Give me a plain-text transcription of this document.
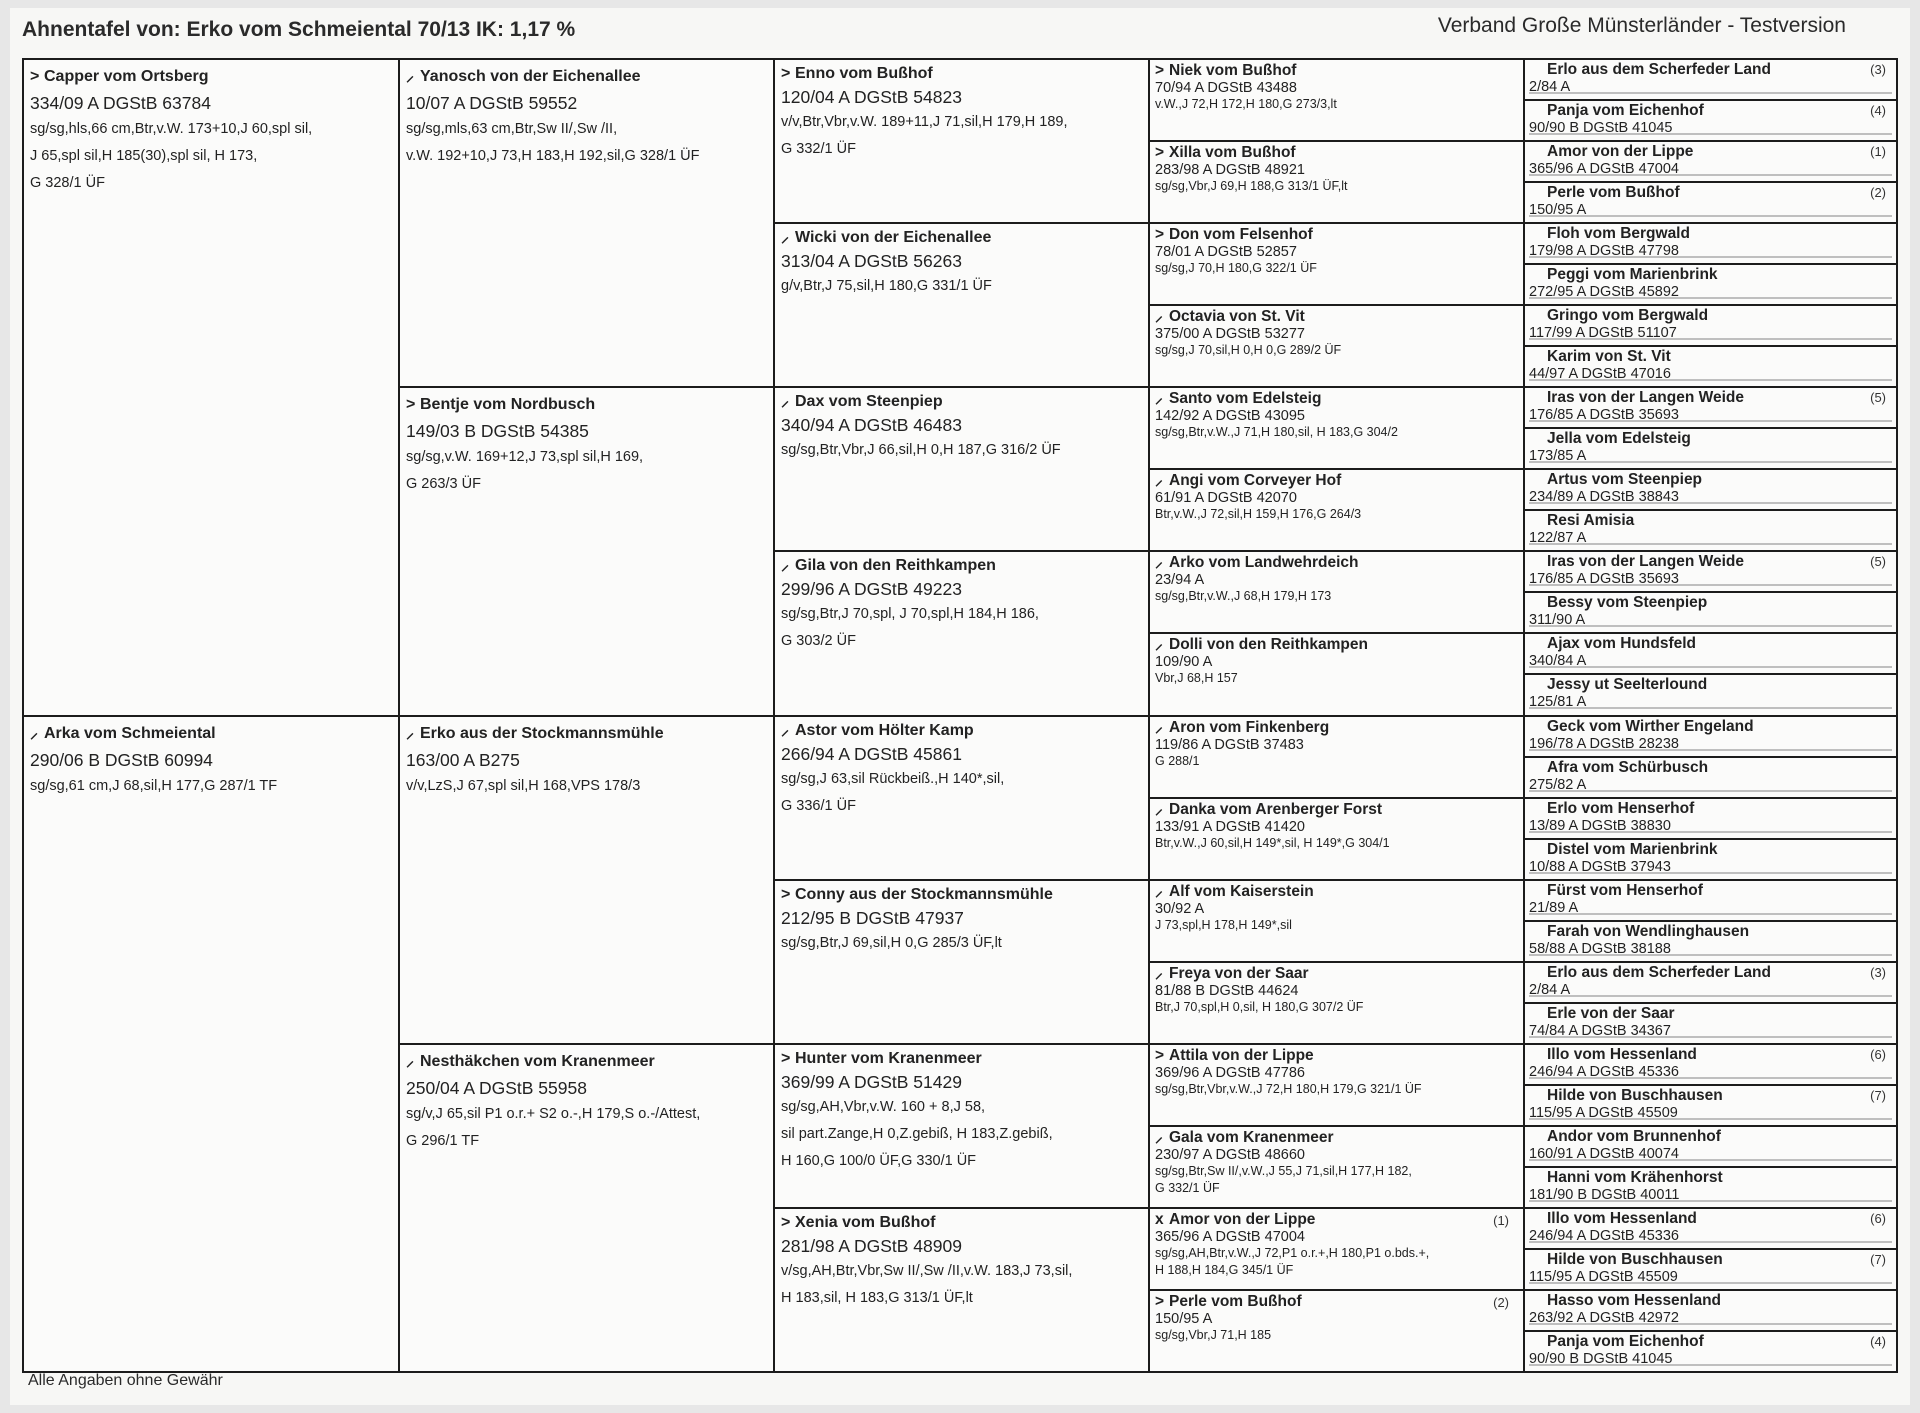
Ahnentafel von: Erko vom Schmeiental 70/13 IK: 1,17 %	Verband Große Münsterländer - Testversion
> Capper vom Ortsberg
334/09 A DGStB 63784
sg/sg,hls,66 cm,Btr,v.W. 173+10,J 60,spl sil,
J 65,spl sil,H 185(30),spl sil, H 173,
G 328/1 ÜF
⸝ Arka vom Schmeiental
290/06 B DGStB 60994
sg/sg,61 cm,J 68,sil,H 177,G 287/1 TF
⸝ Yanosch von der Eichenallee
10/07 A DGStB 59552
sg/sg,mls,63 cm,Btr,Sw II/,Sw /II,
v.W. 192+10,J 73,H 183,H 192,sil,G 328/1 ÜF
> Bentje vom Nordbusch
149/03 B DGStB 54385
sg/sg,v.W. 169+12,J 73,spl sil,H 169,
G 263/3 ÜF
⸝ Erko aus der Stockmannsmühle
163/00 A B275
v/v,LzS,J 67,spl sil,H 168,VPS 178/3
⸝ Nesthäkchen vom Kranenmeer
250/04 A DGStB 55958
sg/v,J 65,sil P1 o.r.+ S2 o.-,H 179,S o.-/Attest,
G 296/1 TF
> Enno vom Bußhof
120/04 A DGStB 54823
v/v,Btr,Vbr,v.W. 189+11,J 71,sil,H 179,H 189,
G 332/1 ÜF
⸝ Wicki von der Eichenallee
313/04 A DGStB 56263
g/v,Btr,J 75,sil,H 180,G 331/1 ÜF
⸝ Dax vom Steenpiep
340/94 A DGStB 46483
sg/sg,Btr,Vbr,J 66,sil,H 0,H 187,G 316/2 ÜF
⸝ Gila von den Reithkampen
299/96 A DGStB 49223
sg/sg,Btr,J 70,spl, J 70,spl,H 184,H 186,
G 303/2 ÜF
⸝ Astor vom Hölter Kamp
266/94 A DGStB 45861
sg/sg,J 63,sil Rückbeiß.,H 140*,sil,
G 336/1 ÜF
> Conny aus der Stockmannsmühle
212/95 B DGStB 47937
sg/sg,Btr,J 69,sil,H 0,G 285/3 ÜF,lt
> Hunter vom Kranenmeer
369/99 A DGStB 51429
sg/sg,AH,Vbr,v.W. 160 + 8,J 58,
sil part.Zange,H 0,Z.gebiß, H 183,Z.gebiß,
H 160,G 100/0 ÜF,G 330/1 ÜF
> Xenia vom Bußhof
281/98 A DGStB 48909
v/sg,AH,Btr,Vbr,Sw II/,Sw /II,v.W. 183,J 73,sil,
H 183,sil, H 183,G 313/1 ÜF,lt
> Niek vom Bußhof
70/94 A DGStB 43488
v.W.,J 72,H 172,H 180,G 273/3,lt
> Xilla vom Bußhof
283/98 A DGStB 48921
sg/sg,Vbr,J 69,H 188,G 313/1 ÜF,lt
> Don vom Felsenhof
78/01 A DGStB 52857
sg/sg,J 70,H 180,G 322/1 ÜF
⸝ Octavia von St. Vit
375/00 A DGStB 53277
sg/sg,J 70,sil,H 0,H 0,G 289/2 ÜF
⸝ Santo vom Edelsteig
142/92 A DGStB 43095
sg/sg,Btr,v.W.,J 71,H 180,sil, H 183,G 304/2
⸝ Angi vom Corveyer Hof
61/91 A DGStB 42070
Btr,v.W.,J 72,sil,H 159,H 176,G 264/3
⸝ Arko vom Landwehrdeich
23/94 A
sg/sg,Btr,v.W.,J 68,H 179,H 173
⸝ Dolli von den Reithkampen
109/90 A
Vbr,J 68,H 157
⸝ Aron vom Finkenberg
119/86 A DGStB 37483
G 288/1
⸝ Danka vom Arenberger Forst
133/91 A DGStB 41420
Btr,v.W.,J 60,sil,H 149*,sil, H 149*,G 304/1
⸝ Alf vom Kaiserstein
30/92 A
J 73,spl,H 178,H 149*,sil
⸝ Freya von der Saar
81/88 B DGStB 44624
Btr,J 70,spl,H 0,sil, H 180,G 307/2 ÜF
> Attila von der Lippe
369/96 A DGStB 47786
sg/sg,Btr,Vbr,v.W.,J 72,H 180,H 179,G 321/1 ÜF
⸝ Gala vom Kranenmeer
230/97 A DGStB 48660
sg/sg,Btr,Sw II/,v.W.,J 55,J 71,sil,H 177,H 182,
G 332/1 ÜF
x Amor von der Lippe
365/96 A DGStB 47004
sg/sg,AH,Btr,v.W.,J 72,P1 o.r.+,H 180,P1 o.bds.+,
H 188,H 184,G 345/1 ÜF
(1)
> Perle vom Bußhof
150/95 A
sg/sg,Vbr,J 71,H 185
(2)
Erlo aus dem Scherfeder Land
2/84 A
(3)
Panja vom Eichenhof
90/90 B DGStB 41045
(4)
Amor von der Lippe
365/96 A DGStB 47004
(1)
Perle vom Bußhof
150/95 A
(2)
Floh vom Bergwald
179/98 A DGStB 47798
Peggi vom Marienbrink
272/95 A DGStB 45892
Gringo vom Bergwald
117/99 A DGStB 51107
Karim von St. Vit
44/97 A DGStB 47016
Iras von der Langen Weide
176/85 A DGStB 35693
(5)
Jella vom Edelsteig
173/85 A
Artus vom Steenpiep
234/89 A DGStB 38843
Resi Amisia
122/87 A
Iras von der Langen Weide
176/85 A DGStB 35693
(5)
Bessy vom Steenpiep
311/90 A
Ajax vom Hundsfeld
340/84 A
Jessy ut Seelterlound
125/81 A
Geck vom Wirther Engeland
196/78 A DGStB 28238
Afra vom Schürbusch
275/82 A
Erlo vom Henserhof
13/89 A DGStB 38830
Distel vom Marienbrink
10/88 A DGStB 37943
Fürst vom Henserhof
21/89 A
Farah von Wendlinghausen
58/88 A DGStB 38188
Erlo aus dem Scherfeder Land
2/84 A
(3)
Erle von der Saar
74/84 A DGStB 34367
Illo vom Hessenland
246/94 A DGStB 45336
(6)
Hilde von Buschhausen
115/95 A DGStB 45509
(7)
Andor vom Brunnenhof
160/91 A DGStB 40074
Hanni vom Krähenhorst
181/90 B DGStB 40011
Illo vom Hessenland
246/94 A DGStB 45336
(6)
Hilde von Buschhausen
115/95 A DGStB 45509
(7)
Hasso vom Hessenland
263/92 A DGStB 42972
Panja vom Eichenhof
90/90 B DGStB 41045
(4)
Alle Angaben ohne Gewähr
